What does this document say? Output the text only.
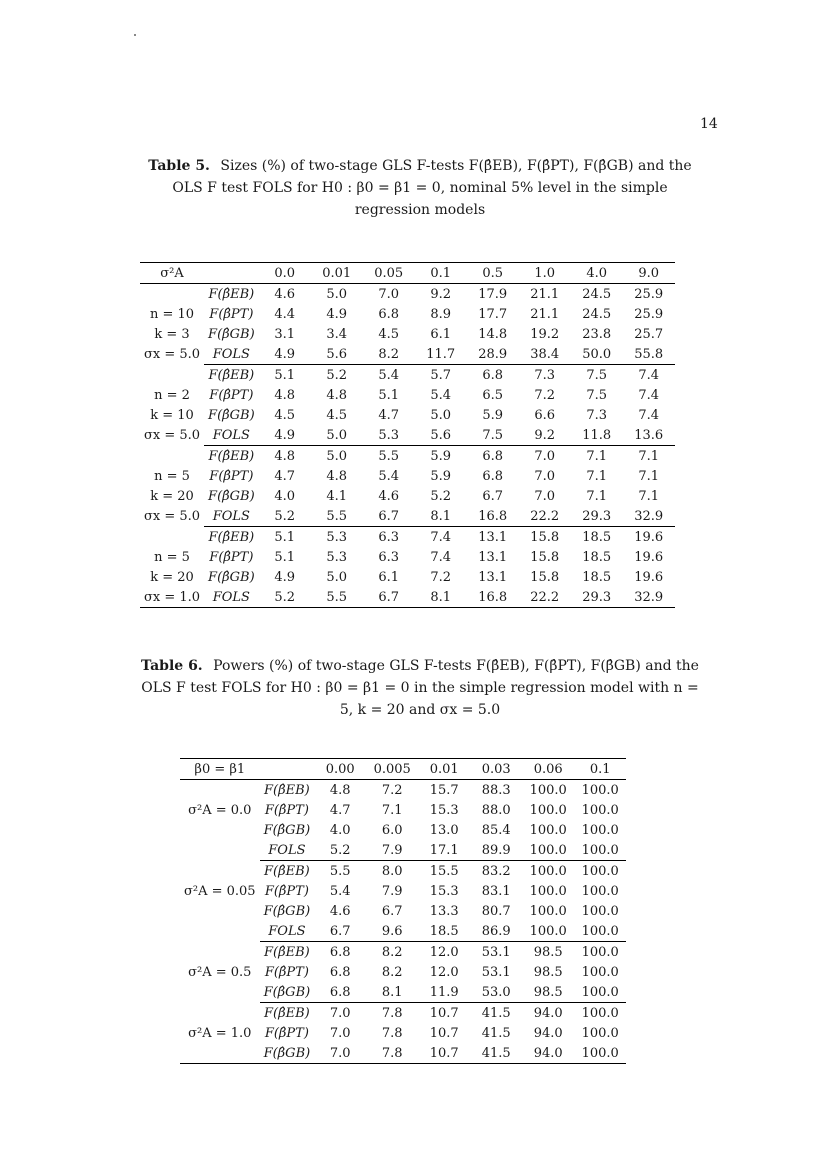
14
Table 5. Sizes (%) of two-stage GLS F-tests F(β̂EB), F(β̂PT), F(β̂GB) and the OLS F test FOLS for H0 : β0 = β1 = 0, nominal 5% level in the simple regression models
σ²A		0.0	0.01	0.05	0.1	0.5	1.0	4.0	9.0
	F(β̂EB)	4.6	5.0	7.0	9.2	17.9	21.1	24.5	25.9
n = 10	F(β̂PT)	4.4	4.9	6.8	8.9	17.7	21.1	24.5	25.9
k = 3	F(β̂GB)	3.1	3.4	4.5	6.1	14.8	19.2	23.8	25.7
σx = 5.0	FOLS	4.9	5.6	8.2	11.7	28.9	38.4	50.0	55.8
	F(β̂EB)	5.1	5.2	5.4	5.7	6.8	7.3	7.5	7.4
n = 2	F(β̂PT)	4.8	4.8	5.1	5.4	6.5	7.2	7.5	7.4
k = 10	F(β̂GB)	4.5	4.5	4.7	5.0	5.9	6.6	7.3	7.4
σx = 5.0	FOLS	4.9	5.0	5.3	5.6	7.5	9.2	11.8	13.6
	F(β̂EB)	4.8	5.0	5.5	5.9	6.8	7.0	7.1	7.1
n = 5	F(β̂PT)	4.7	4.8	5.4	5.9	6.8	7.0	7.1	7.1
k = 20	F(β̂GB)	4.0	4.1	4.6	5.2	6.7	7.0	7.1	7.1
σx = 5.0	FOLS	5.2	5.5	6.7	8.1	16.8	22.2	29.3	32.9
	F(β̂EB)	5.1	5.3	6.3	7.4	13.1	15.8	18.5	19.6
n = 5	F(β̂PT)	5.1	5.3	6.3	7.4	13.1	15.8	18.5	19.6
k = 20	F(β̂GB)	4.9	5.0	6.1	7.2	13.1	15.8	18.5	19.6
σx = 1.0	FOLS	5.2	5.5	6.7	8.1	16.8	22.2	29.3	32.9
Table 6. Powers (%) of two-stage GLS F-tests F(β̂EB), F(β̂PT), F(β̂GB) and the OLS F test FOLS for H0 : β0 = β1 = 0 in the simple regression model with n = 5, k = 20 and σx = 5.0
β0 = β1		0.00	0.005	0.01	0.03	0.06	0.1
	F(β̂EB)	4.8	7.2	15.7	88.3	100.0	100.0
σ²A = 0.0	F(β̂PT)	4.7	7.1	15.3	88.0	100.0	100.0
	F(β̂GB)	4.0	6.0	13.0	85.4	100.0	100.0
	FOLS	5.2	7.9	17.1	89.9	100.0	100.0
	F(β̂EB)	5.5	8.0	15.5	83.2	100.0	100.0
σ²A = 0.05	F(β̂PT)	5.4	7.9	15.3	83.1	100.0	100.0
	F(β̂GB)	4.6	6.7	13.3	80.7	100.0	100.0
	FOLS	6.7	9.6	18.5	86.9	100.0	100.0
	F(β̂EB)	6.8	8.2	12.0	53.1	98.5	100.0
σ²A = 0.5	F(β̂PT)	6.8	8.2	12.0	53.1	98.5	100.0
	F(β̂GB)	6.8	8.1	11.9	53.0	98.5	100.0
	F(β̂EB)	7.0	7.8	10.7	41.5	94.0	100.0
σ²A = 1.0	F(β̂PT)	7.0	7.8	10.7	41.5	94.0	100.0
	F(β̂GB)	7.0	7.8	10.7	41.5	94.0	100.0
